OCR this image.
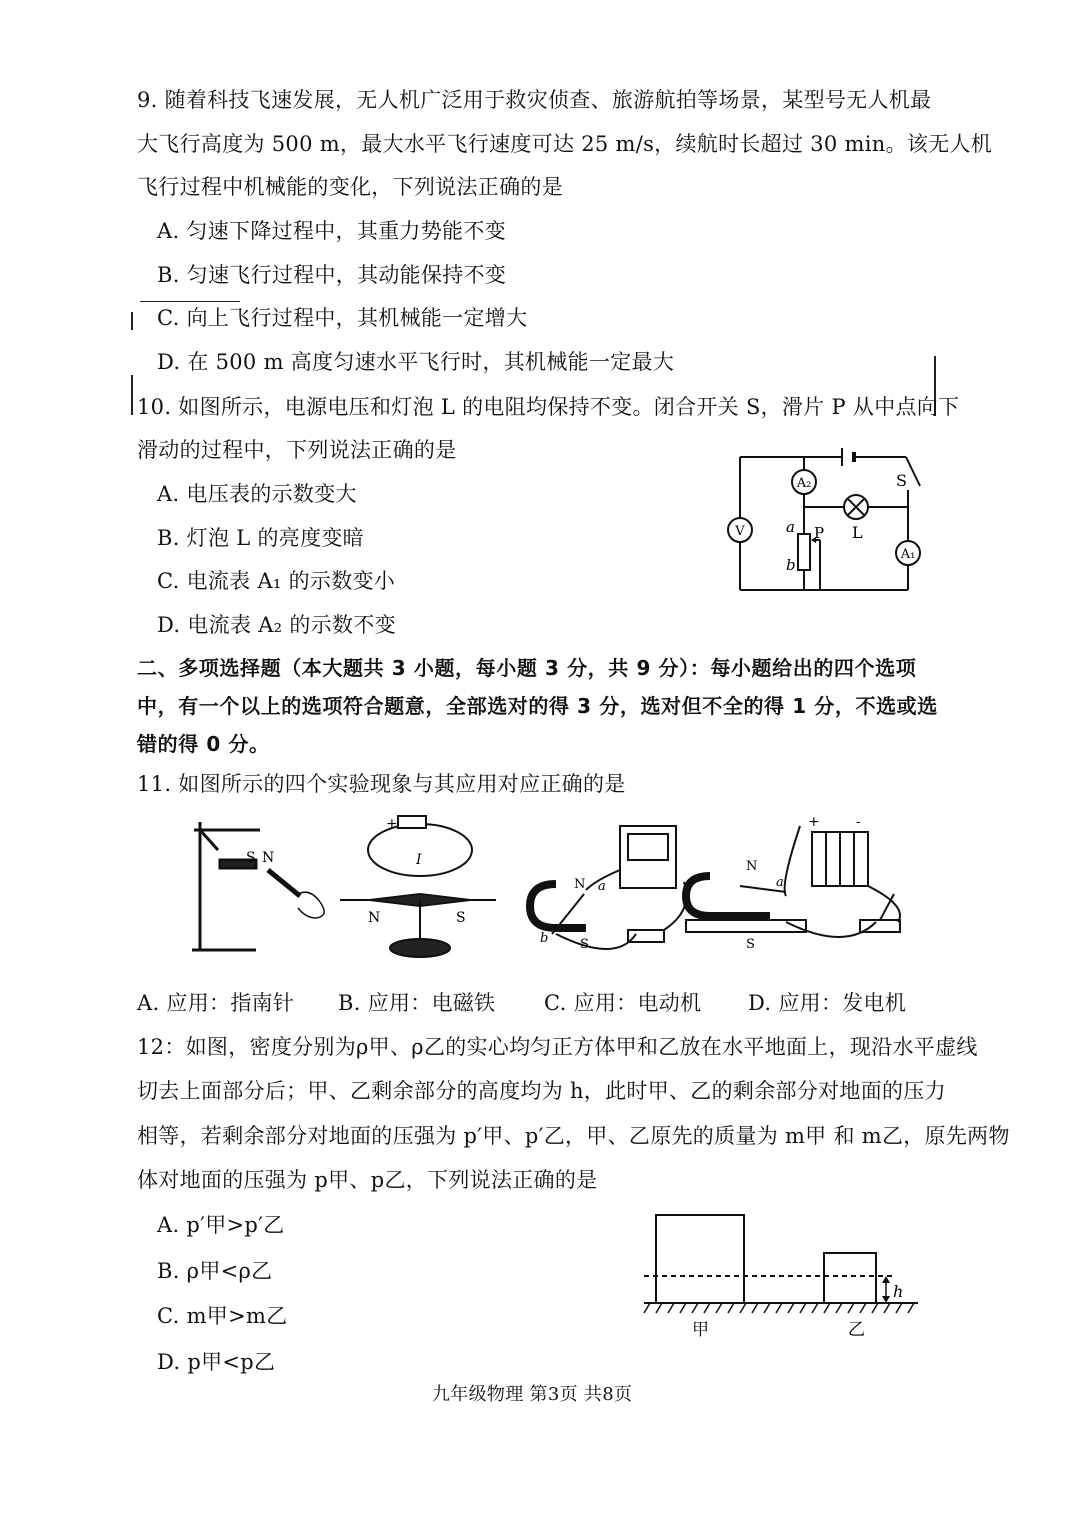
9. 随着科技飞速发展，无人机广泛用于救灾侦查、旅游航拍等场景，某型号无人机最
大飞行高度为 500 m，最大水平飞行速度可达 25 m/s，续航时长超过 30 min。该无人机
飞行过程中机械能的变化，下列说法正确的是
A. 匀速下降过程中，其重力势能不变
B. 匀速飞行过程中，其动能保持不变
C. 向上飞行过程中，其机械能一定增大
D. 在 500 m 高度匀速水平飞行时，其机械能一定最大
10. 如图所示，电源电压和灯泡 L 的电阻均保持不变。闭合开关 S，滑片 P 从中点向下
滑动的过程中，下列说法正确的是
A. 电压表的示数变大
B. 灯泡 L 的亮度变暗
C. 电流表 A₁ 的示数变小
D. 电流表 A₂ 的示数不变
A₂
V
A₁
S
L
P
a
b
二、多项选择题（本大题共 3 小题，每小题 3 分，共 9 分）：每小题给出的四个选项
中，有一个以上的选项符合题意，全部选对的得 3 分，选对但不全的得 1 分，不选或选
错的得 0 分。
11. 如图所示的四个实验现象与其应用对应正确的是
S N
+ -
I
N	S
N a
b S
N
a
S
+	-
A. 应用：指南针 B. 应用：电磁铁 C. 应用：电动机 D. 应用：发电机
12：如图，密度分别为ρ甲、ρ乙的实心均匀正方体甲和乙放在水平地面上，现沿水平虚线
切去上面部分后；甲、乙剩余部分的高度均为 h，此时甲、乙的剩余部分对地面的压力
相等，若剩余部分对地面的压强为 p′甲、p′乙，甲、乙原先的质量为 m甲 和 m乙，原先两物
体对地面的压强为 p甲、p乙，下列说法正确的是
A. p′甲>p′乙
B. ρ甲<ρ乙
C. m甲>m乙
D. p甲<p乙
h
甲	乙
九年级物理 第3页 共8页
